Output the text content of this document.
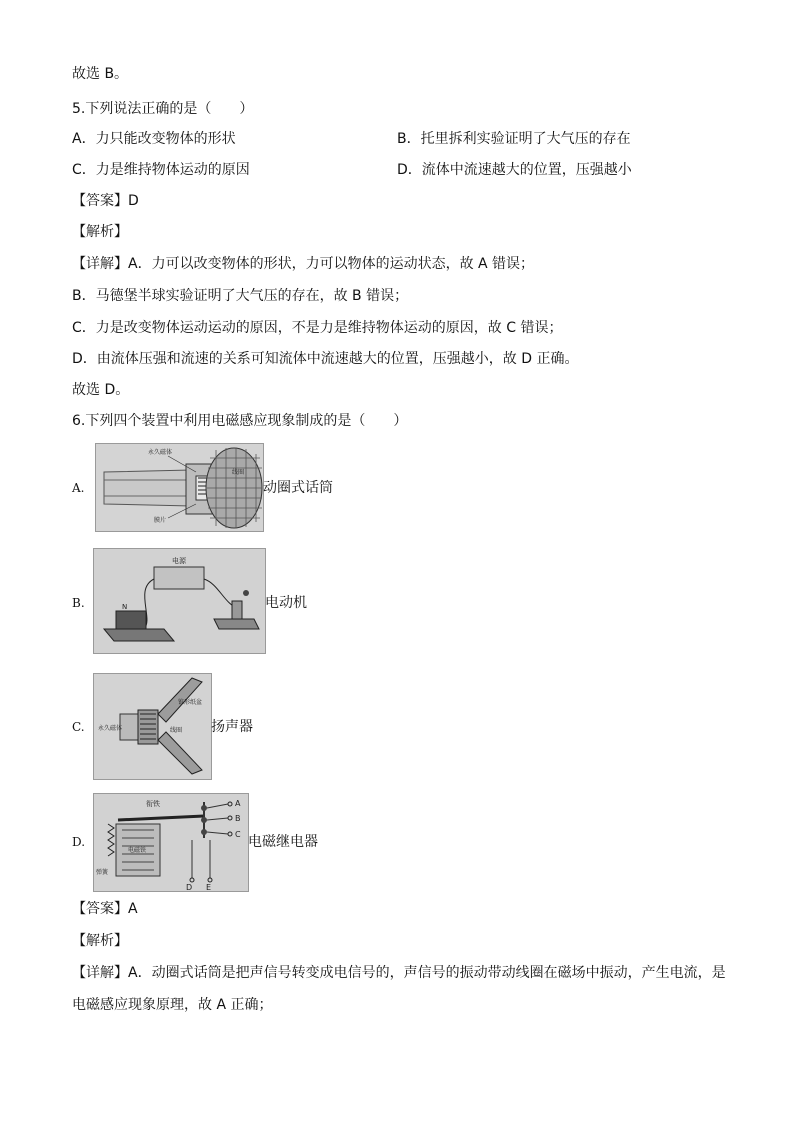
故选 B。
5.下列说法正确的是（　　）
A．力只能改变物体的形状	B．托里拆利实验证明了大气压的存在
C．力是维持物体运动的原因	D．流体中流速越大的位置，压强越小
【答案】D
【解析】
【详解】A．力可以改变物体的形状，力可以物体的运动状态，故 A 错误；
B．马德堡半球实验证明了大气压的存在，故 B 错误；
C．力是改变物体运动运动的原因，不是力是维持物体运动的原因，故 C 错误；
D．由流体压强和流速的关系可知流体中流速越大的位置，压强越小，故 D 正确。
故选 D。
6.下列四个装置中利用电磁感应现象制成的是（　　）
A.
永久磁体
线圈
膜片
动圈式话筒
B.
电源
N	电动机
C. 永久磁体	线圈
锥形纸盆
扬声器
D.
电磁铁
衔铁
弹簧
A
B
C
D E
电磁继电器
【答案】A
【解析】
【详解】A．动圈式话筒是把声信号转变成电信号的，声信号的振动带动线圈在磁场中振动，产生电流，是
电磁感应现象原理，故 A 正确；
